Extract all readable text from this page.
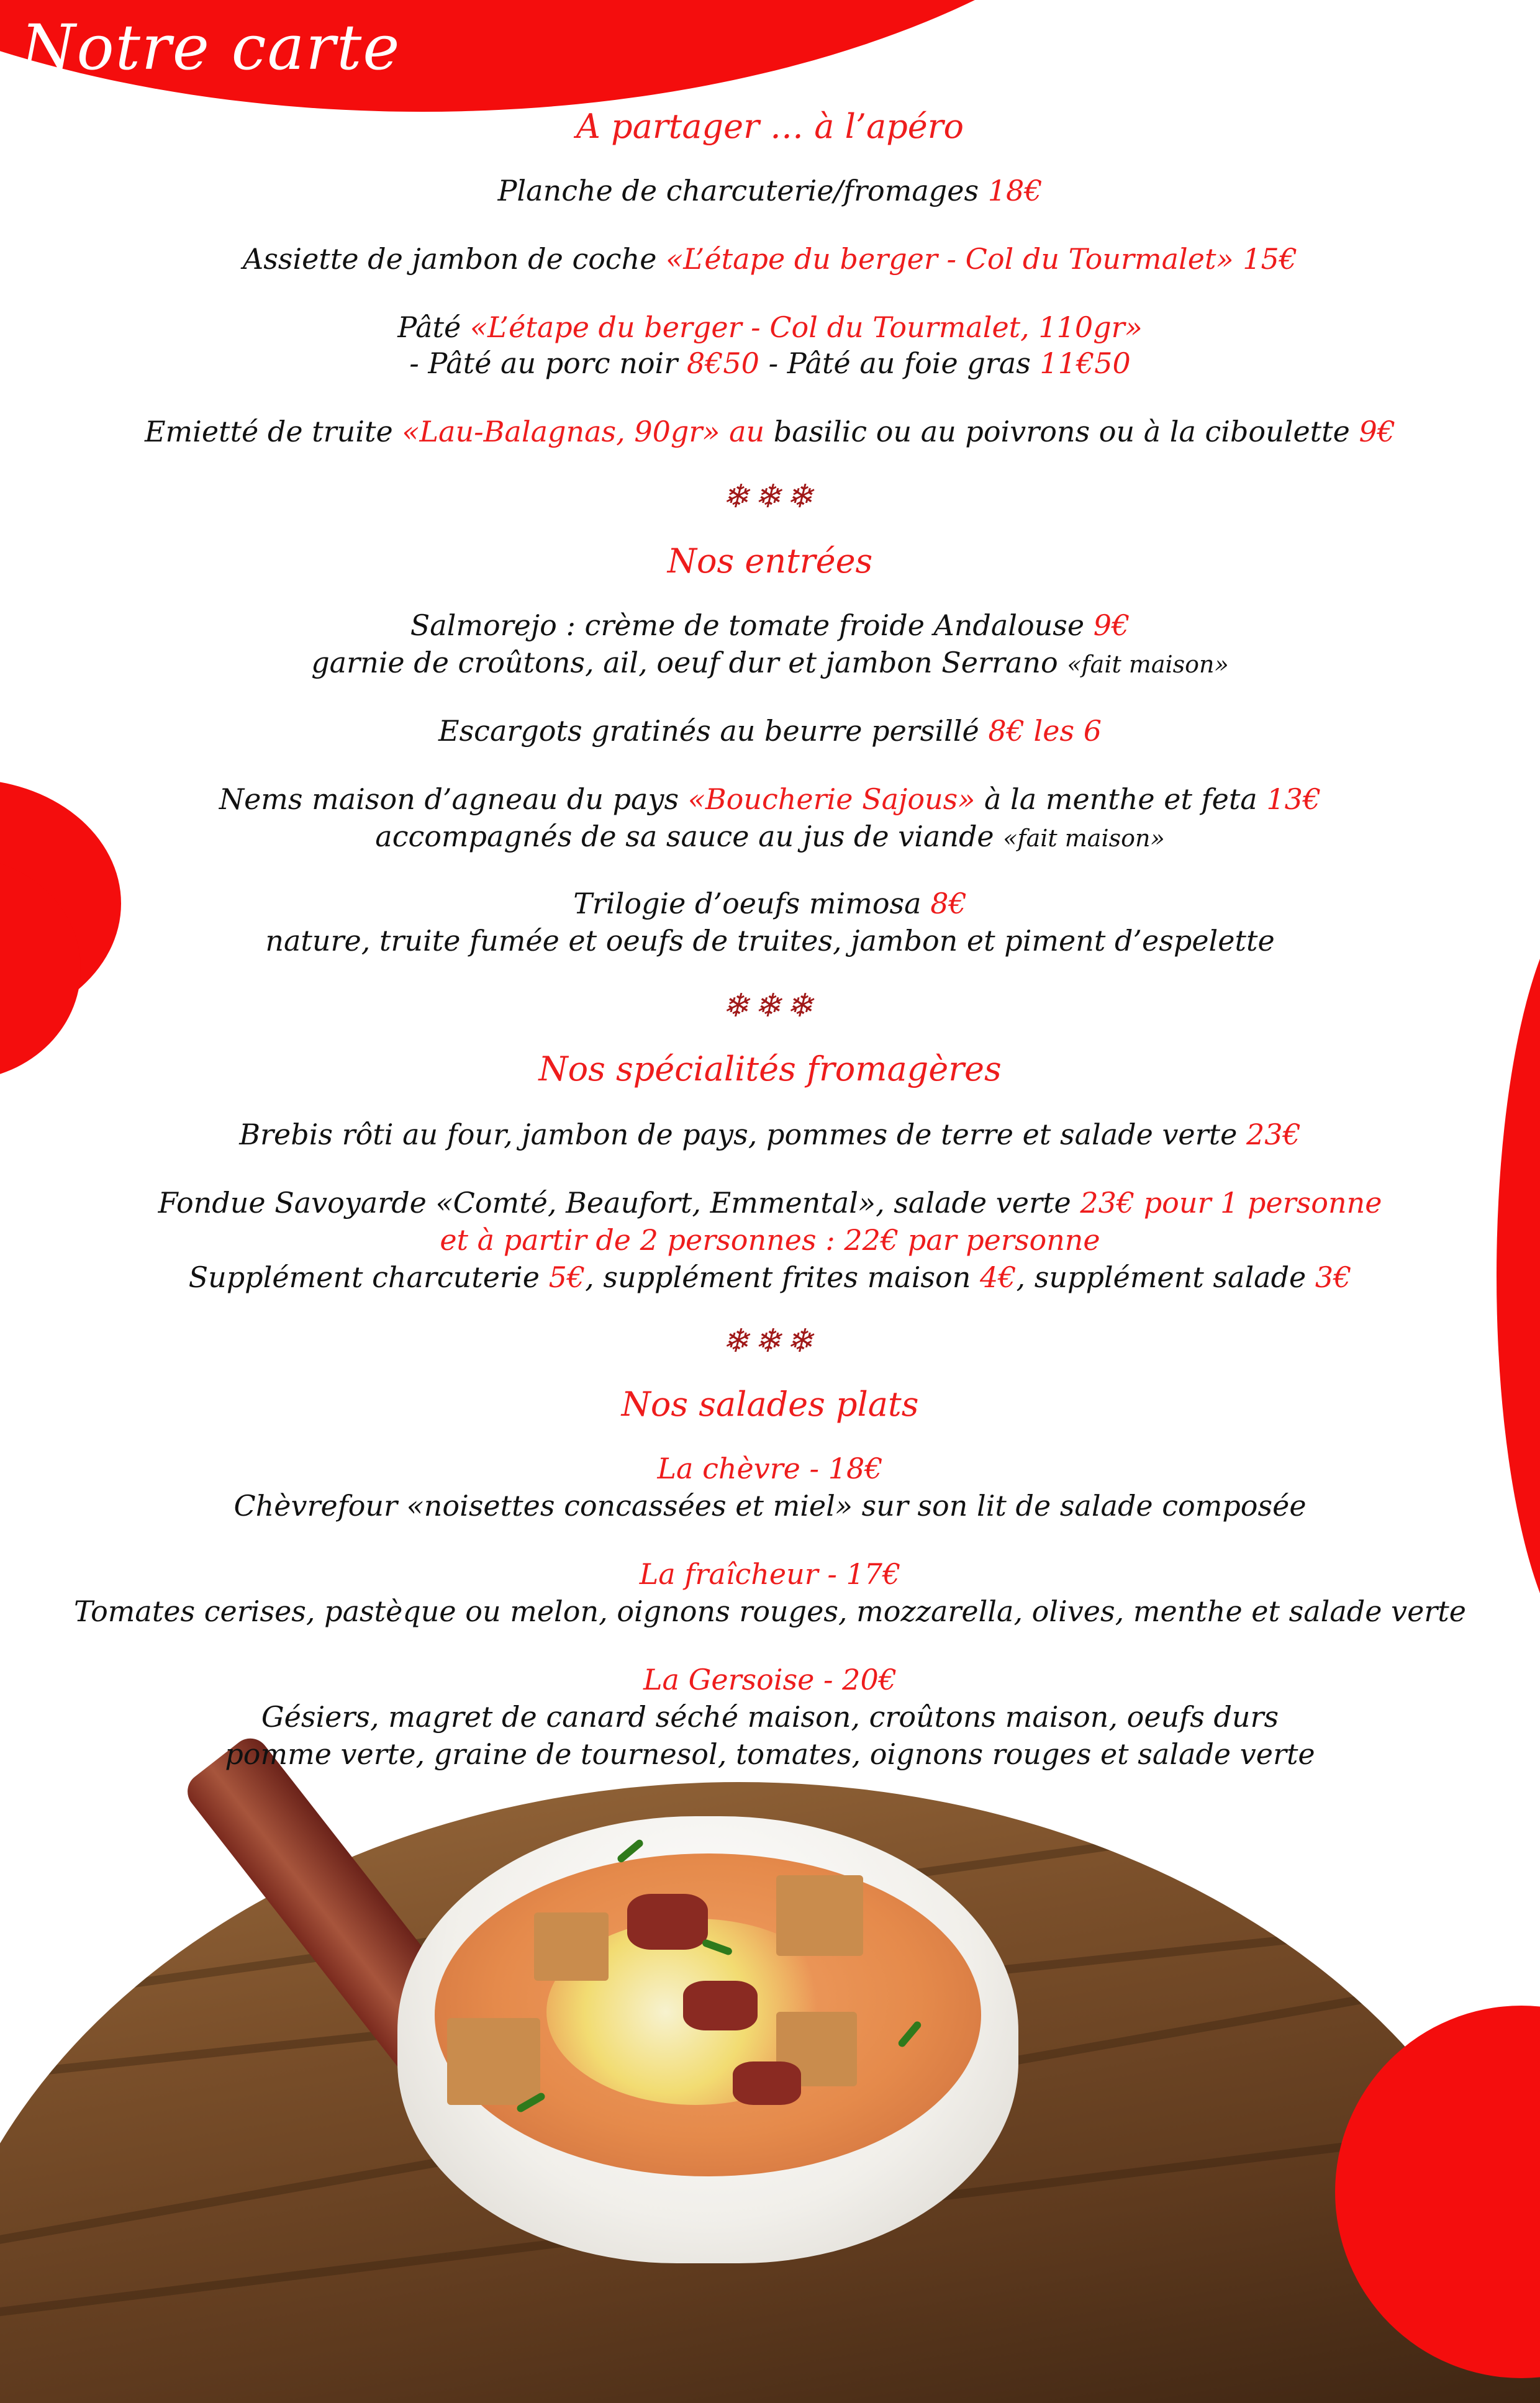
Notre carte
A partager … à l’apéro

Planche de charcuterie/fromages 18€

Assiette de jambon de coche «L’étape du berger - Col du Tourmalet» 15€

Pâté «L’étape du berger - Col du Tourmalet, 110gr»

- Pâté au porc noir 8€50 - Pâté au foie gras 11€50

Emietté de truite «Lau-Balagnas, 90gr» au basilic ou au poivrons ou à la ciboulette 9€

❄❄❄

Nos entrées

Salmorejo : crème de tomate froide Andalouse 9€

garnie de croûtons, ail, oeuf dur et jambon Serrano «fait maison»

Escargots gratinés au beurre persillé 8€ les 6

Nems maison d’agneau du pays «Boucherie Sajous» à la menthe et feta 13€

accompagnés de sa sauce au jus de viande «fait maison»

Trilogie d’oeufs mimosa 8€

nature, truite fumée et oeufs de truites, jambon et piment d’espelette

❄❄❄

Nos spécialités fromagères

Brebis rôti au four, jambon de pays, pommes de terre et salade verte 23€

Fondue Savoyarde «Comté, Beaufort, Emmental», salade verte 23€ pour 1 personne

et à partir de 2 personnes : 22€ par personne

Supplément charcuterie 5€, supplément frites maison 4€, supplément salade 3€

❄❄❄

Nos salades plats

La chèvre - 18€

Chèvrefour «noisettes concassées et miel» sur son lit de salade composée

La fraîcheur - 17€

Tomates cerises, pastèque ou melon, oignons rouges, mozzarella, olives, menthe et salade verte

La Gersoise - 20€

Gésiers, magret de canard séché maison, croûtons maison, oeufs durs

pomme verte, graine de tournesol, tomates, oignons rouges et salade verte
